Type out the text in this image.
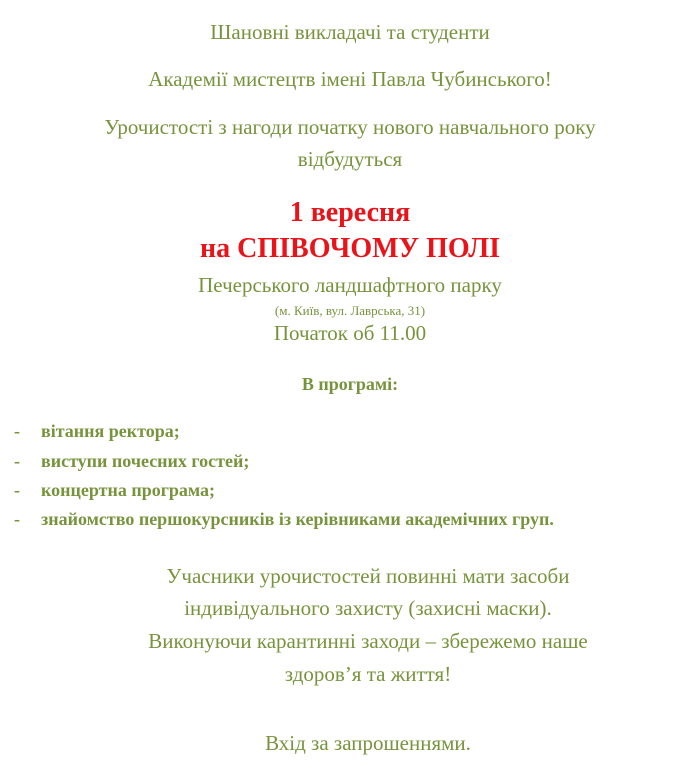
Шановні викладачі та студенти
Академії мистецтв імені Павла Чубинського!
Урочистості з нагоди початку нового навчального року
відбудуться
1 вересня
на СПІВОЧОМУ ПОЛІ
Печерського ландшафтного парку
(м. Київ, вул. Лаврська, 31)
Початок об 11.00
В програмі:
- вітання ректора;
- виступи почесних гостей;
- концертна програма;
- знайомство першокурсників із керівниками академічних груп.
Учасники урочистостей повинні мати засоби
індивідуального захисту (захисні маски).
Виконуючи карантинні заходи – збережемо наше
здоров’я та життя!
Вхід за запрошеннями.
